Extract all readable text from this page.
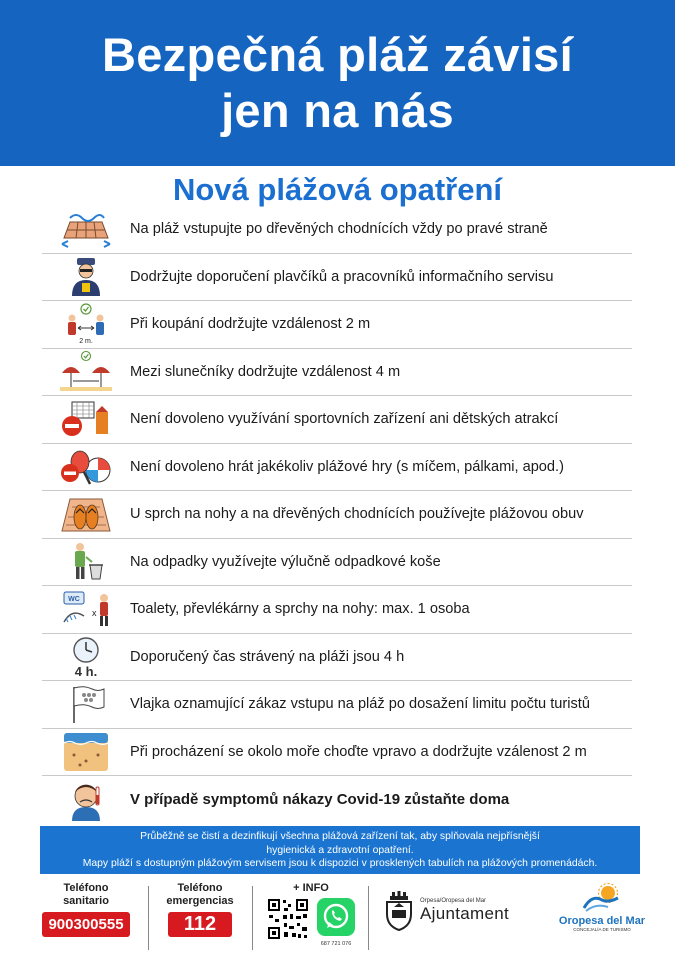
Bezpečná pláž závisí
jen na nás
Nová plážová opatření
Na pláž vstupujte po dřevěných chodnících vždy po pravé straně
Dodržujte doporučení plavčíků a pracovníků informačního servisu
2 m.
Při koupání dodržujte vzdálenost 2 m
Mezi slunečníky dodržujte vzdálenost 4 m
Není dovoleno využívání sportovních zařízení ani dětských atrakcí
Není dovoleno hrát jakékoliv plážové hry (s míčem, pálkami, apod.)
U sprch na nohy a na dřevěných chodnících používejte plážovou obuv
Na odpadky využívejte výlučně odpadkové koše
WC
x Toalety, převlékárny a sprchy na nohy: max. 1 osoba
4 h.
Doporučený čas strávený na pláži jsou 4 h
Vlajka oznamující zákaz vstupu na pláž po dosažení limitu počtu turistů
Při procházení se okolo moře choďte vpravo a dodržujte vzálenost 2 m
V případě symptomů nákazy Covid-19 zůstaňte doma
Průběžně se čistí a dezinfikují všechna plážová zařízení tak, aby splňovala nejpřísnější
hygienická a zdravotní opatření.
Mapy pláží s dostupným plážovým servisem jsou k dispozici v prosklených tabulích na plážových promenádách.
Teléfono
sanitario
900300555
Teléfono
emergencias
112
+ INFO
687 721 076
Orpesa/Oropesa del Mar
Ajuntament	Oropesa del Mar
CONCEJALÍA DE TURISMO
